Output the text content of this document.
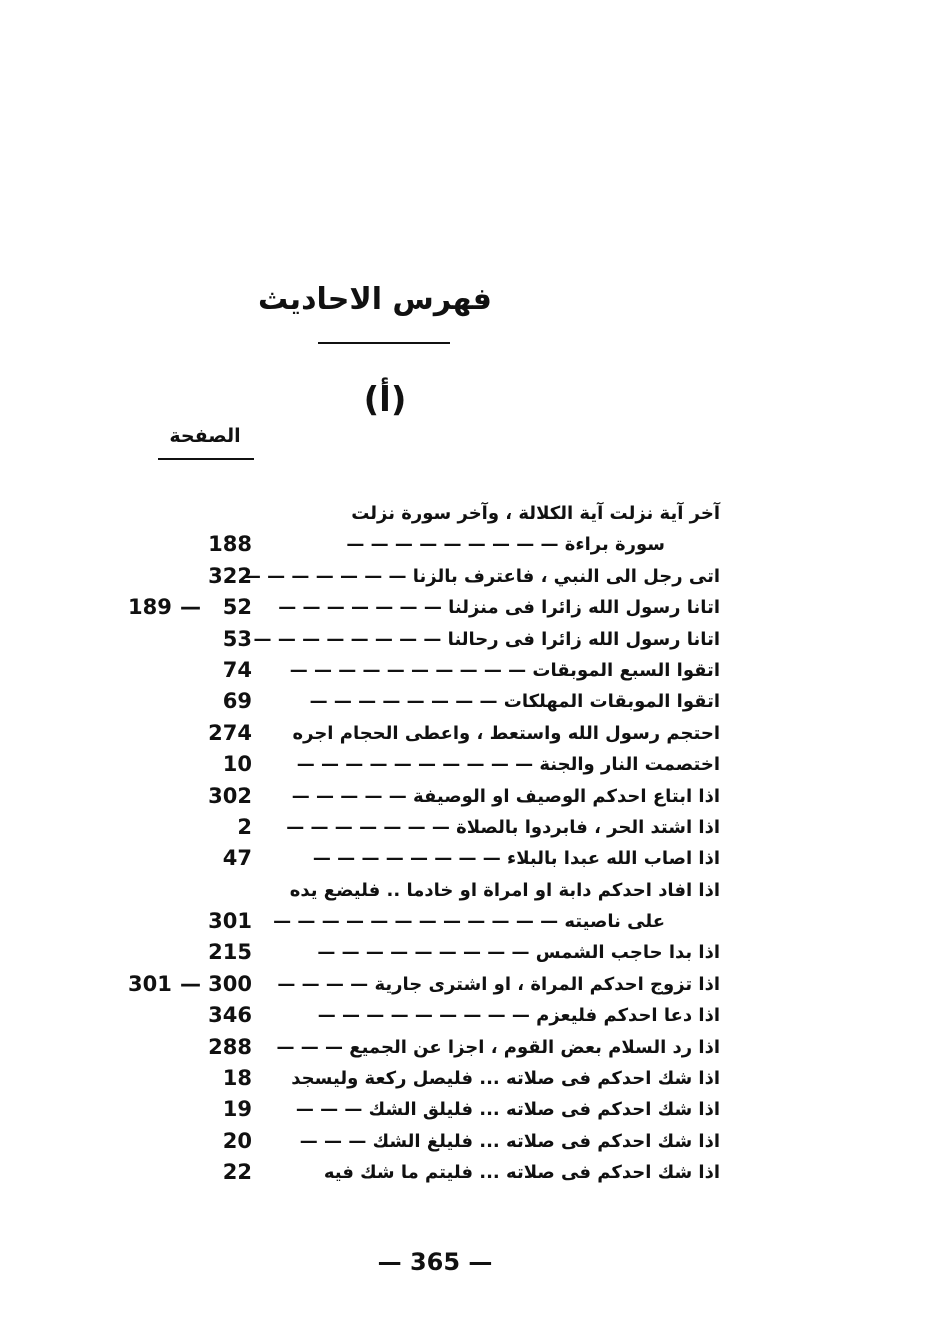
فهرس الاحاديث
(أ)
الصفحة
آخر آية نزلت آية الكلالة ، وآخر سورة نزلت
سورة براءة — — — — — — — — —
188
اتى رجل الى النبي ، فاعترف بالزنا — — — — — — —
322
اتانا رسول الله زائرا فى منزلنا — — — — — — —
52
—
189
اتانا رسول الله زائرا فى رحالنا — — — — — — — —
53
اتقوا السبع الموبقات — — — — — — — — — —
74
اتقوا الموبقات المهلكات — — — — — — — —
69
احتجم رسول الله واستعط ، واعطى الحجام اجره
274
اختصمت النار والجنة — — — — — — — — — —
10
اذا ابتاع احدكم الوصيف او الوصيفة — — — — —
302
اذا اشتد الحر ، فابردوا بالصلاة — — — — — — —
2
اذا اصاب الله عبدا بالبلاء — — — — — — — —
47
اذا افاد احدكم دابة او امراة او خادما .. فليضع يده
على ناصيته — — — — — — — — — — — —
301
اذا بدا حاجب الشمس — — — — — — — — —
215
اذا تزوج احدكم المراة ، او اشترى جارية — — — —
300
—
301
اذا دعا احدكم فليعزم — — — — — — — — —
346
اذا رد السلام بعض القوم ، اجزا عن الجميع — — —
288
اذا شك احدكم فى صلاته ... فليصل ركعة وليسجد
18
اذا شك احدكم فى صلاته ... فليلق الشك — — —
19
اذا شك احدكم فى صلاته ... فليلغ الشك — — —
20
اذا شك احدكم فى صلاته ... فليتم ما شك فيه
22
— 365 —
